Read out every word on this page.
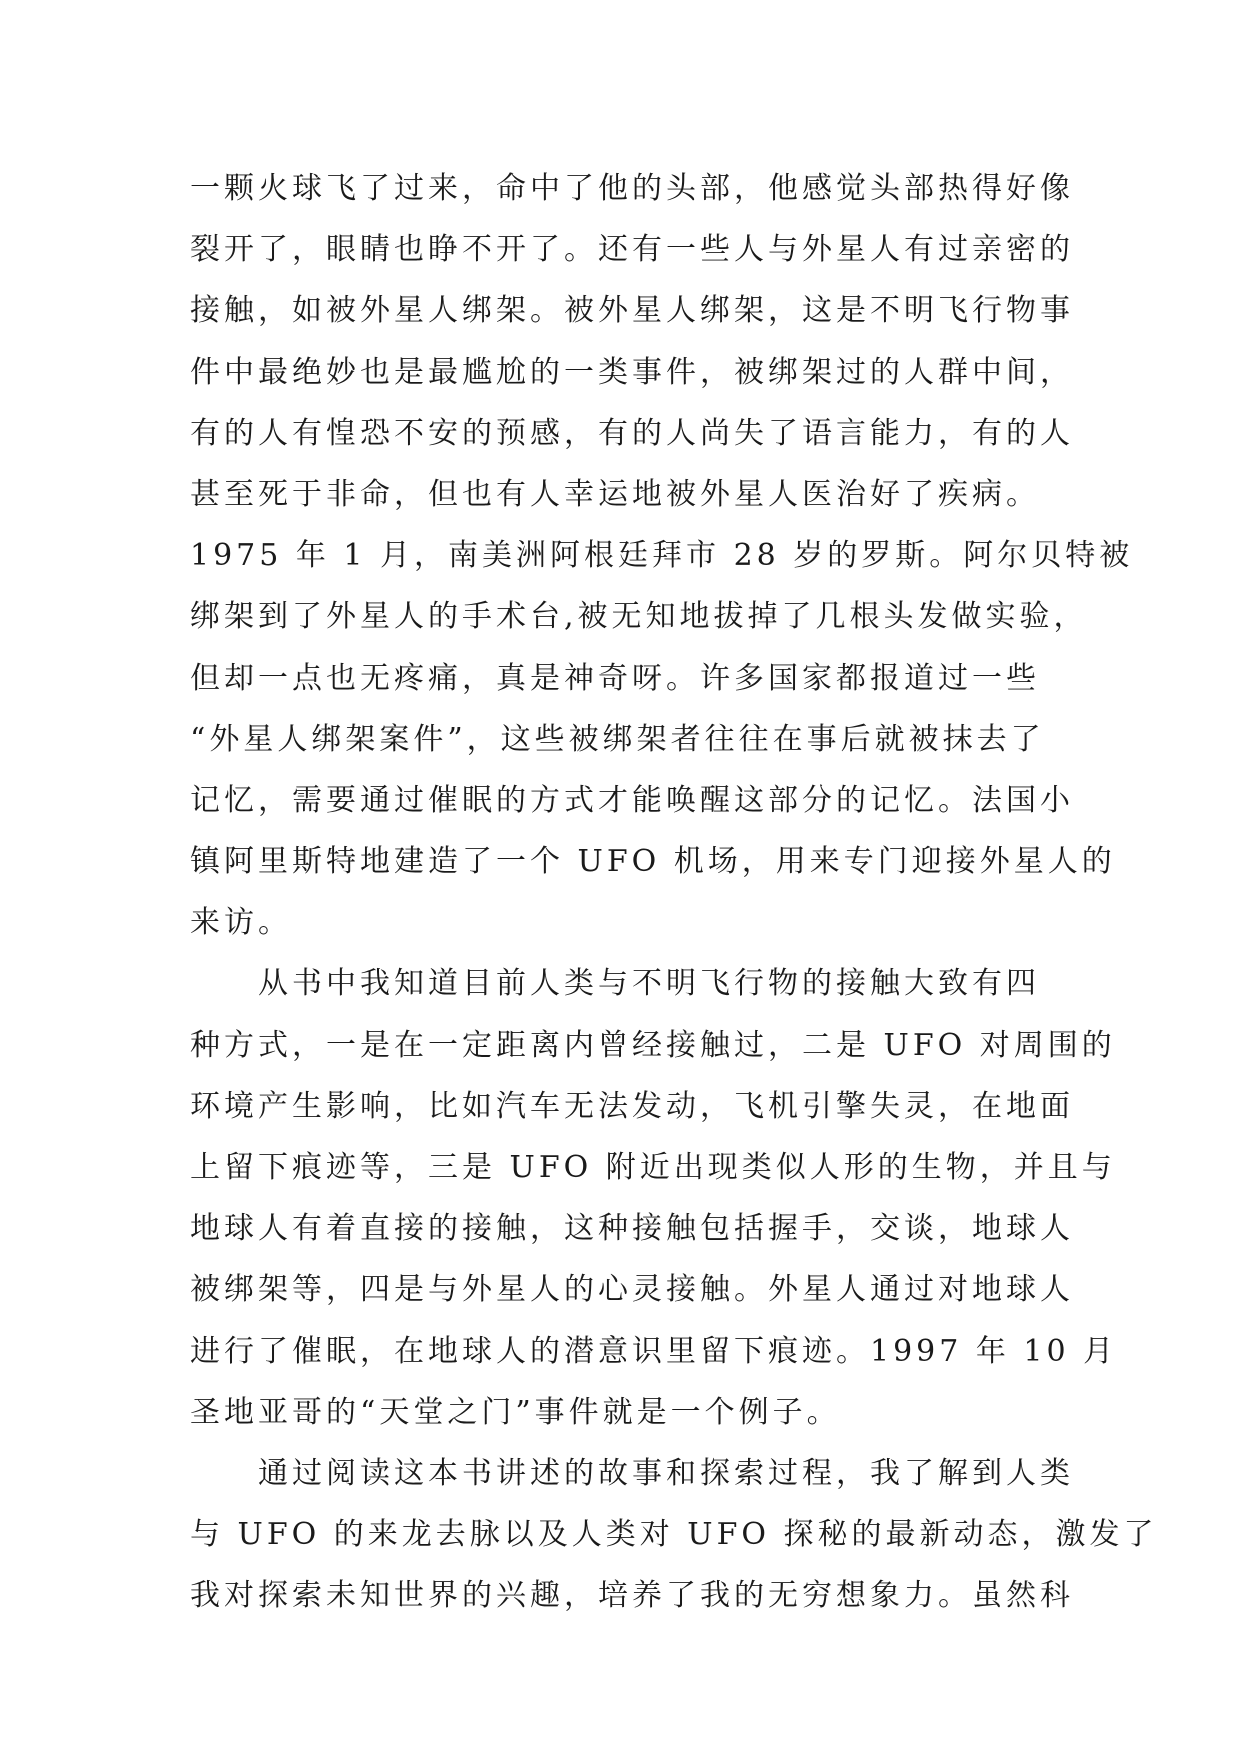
一颗火球飞了过来，命中了他的头部，他感觉头部热得好像
裂开了，眼睛也睁不开了。还有一些人与外星人有过亲密的
接触，如被外星人绑架。被外星人绑架，这是不明飞行物事
件中最绝妙也是最尴尬的一类事件，被绑架过的人群中间，
有的人有惶恐不安的预感，有的人尚失了语言能力，有的人
甚至死于非命，但也有人幸运地被外星人医治好了疾病。
1975 年 1 月，南美洲阿根廷拜市 28 岁的罗斯。阿尔贝特被
绑架到了外星人的手术台,被无知地拔掉了几根头发做实验，
但却一点也无疼痛，真是神奇呀。许多国家都报道过一些
“外星人绑架案件”，这些被绑架者往往在事后就被抹去了
记忆，需要通过催眠的方式才能唤醒这部分的记忆。法国小
镇阿里斯特地建造了一个 UFO 机场，用来专门迎接外星人的
来访。
从书中我知道目前人类与不明飞行物的接触大致有四
种方式，一是在一定距离内曾经接触过，二是 UFO 对周围的
环境产生影响，比如汽车无法发动，飞机引擎失灵，在地面
上留下痕迹等，三是 UFO 附近出现类似人形的生物，并且与
地球人有着直接的接触，这种接触包括握手，交谈，地球人
被绑架等，四是与外星人的心灵接触。外星人通过对地球人
进行了催眠，在地球人的潜意识里留下痕迹。1997 年 10 月
圣地亚哥的“天堂之门”事件就是一个例子。
通过阅读这本书讲述的故事和探索过程，我了解到人类
与 UFO 的来龙去脉以及人类对 UFO 探秘的最新动态，激发了
我对探索未知世界的兴趣，培养了我的无穷想象力。虽然科
